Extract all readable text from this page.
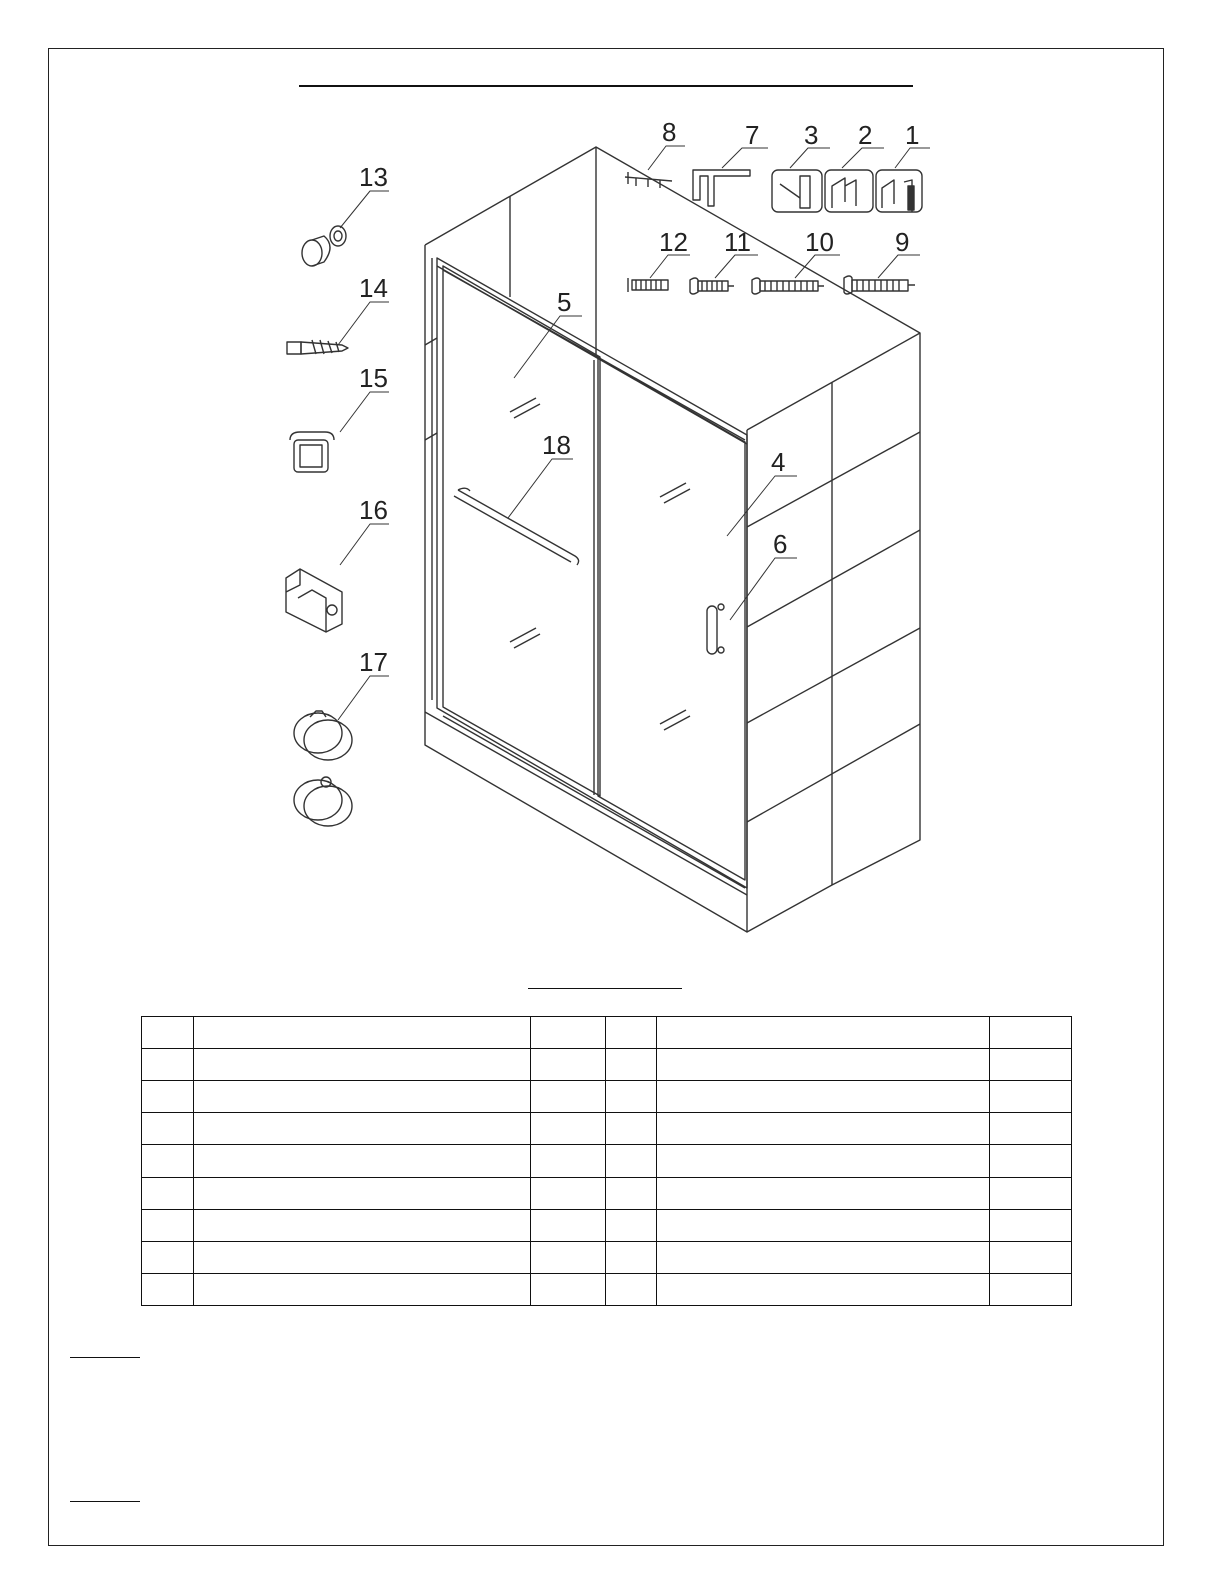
1
2
3
4
5
6
7
8
9
10
11
12
13
14
15
16
17
18
